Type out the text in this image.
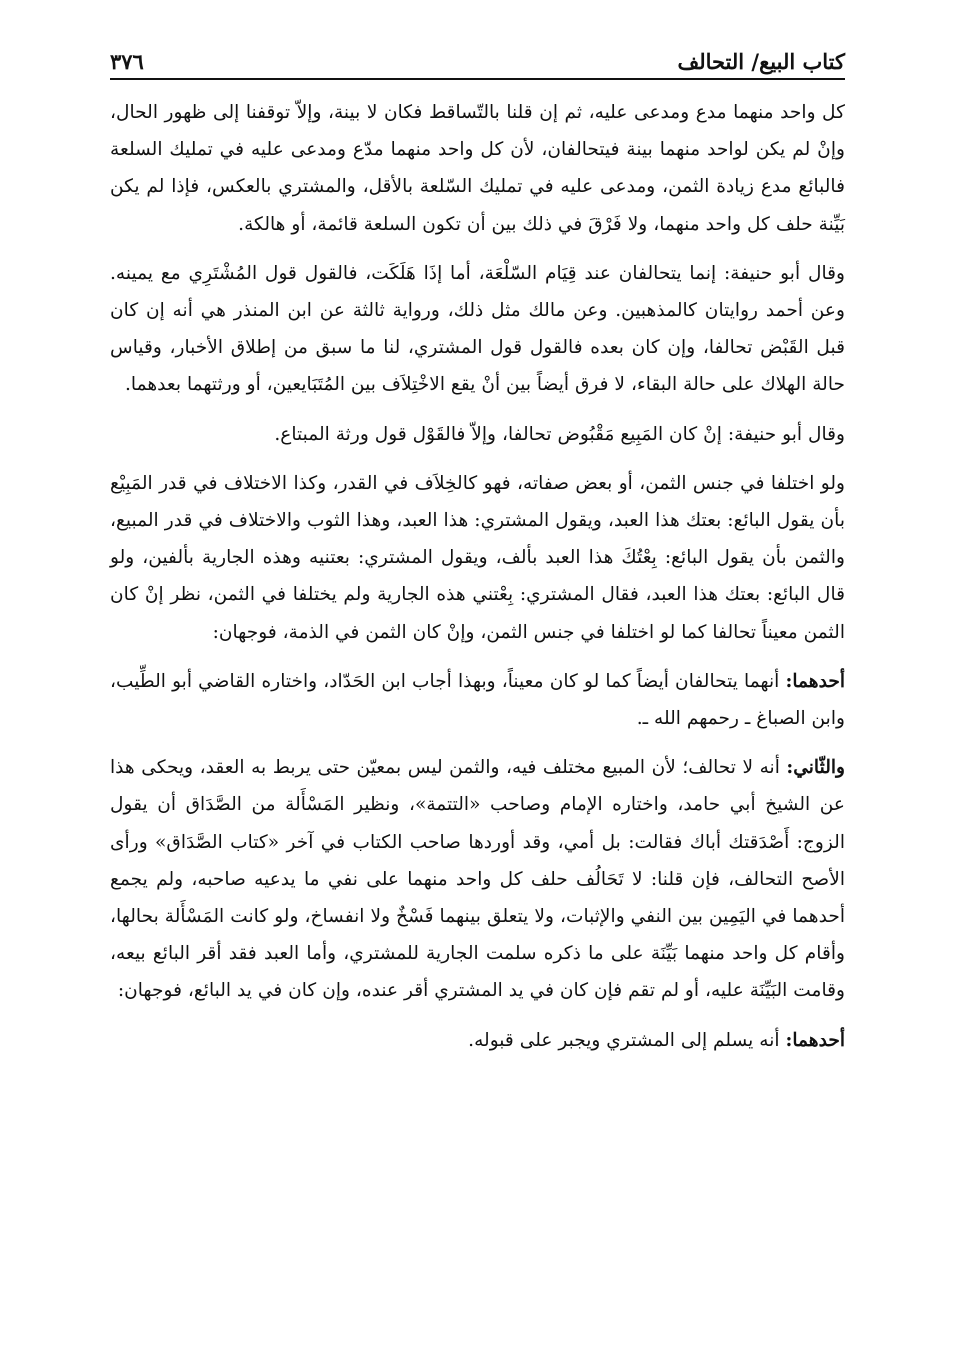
كتاب البيع/ التحالف
٣٧٦

كل واحد منهما مدع ومدعى عليه، ثم إن قلنا بالتّساقط فكان لا بينة، وإلاّ توقفنا إلى ظهور الحال، وإنْ لم يكن لواحد منهما بينة فيتحالفان، لأن كل واحد منهما مدّع ومدعى عليه في تمليك السلعة فالبائع مدع زيادة الثمن، ومدعى عليه في تمليك السّلعة بالأقل، والمشتري بالعكس، فإذا لم يكن بَيِّنة حلف كل واحد منهما، ولا فَرْقَ في ذلك بين أن تكون السلعة قائمة، أو هالكة.

وقال أبو حنيفة: إنما يتحالفان عند قِيَام السّلْعَة، أما إذَا هَلَكَت، فالقول قول المُشْتَرِي مع يمينه. وعن أحمد روايتان كالمذهبين. وعن مالك مثل ذلك، ورواية ثالثة عن ابن المنذر هي أنه إن كان قبل القَبْض تحالفا، وإن كان بعده فالقول قول المشتري، لنا ما سبق من إطلاق الأخبار، وقياس حالة الهلاك على حالة البقاء، لا فرق أيضاً بين أنْ يقع الاخْتِلاَف بين المُتَبَايعين، أو ورثتهما بعدهما.

وقال أبو حنيفة: إنْ كان المَبِيع مَقْبُوض تحالفا، وإلاّ فالقَوْل قول ورثة المبتاع.

ولو اختلفا في جنس الثمن، أو بعض صفاته، فهو كالخِلاَف في القدر، وكذا الاختلاف في قدر المَبِيْع بأن يقول البائع: بعتك هذا العبد، ويقول المشتري: هذا العبد، وهذا الثوب والاختلاف في قدر المبيع، والثمن بأن يقول البائع: بِعْتُكَ هذا العبد بألف، ويقول المشتري: بعتنيه وهذه الجارية بألفين، ولو قال البائع: بعتك هذا العبد، فقال المشتري: بِعْتني هذه الجارية ولم يختلفا في الثمن، نظر إنْ كان الثمن معيناً تحالفا كما لو اختلفا في جنس الثمن، وإنْ كان الثمن في الذمة، فوجهان:

أحدهما: أنهما يتحالفان أيضاً كما لو كان معيناً، وبهذا أجاب ابن الحَدّاد، واختاره القاضي أبو الطِّيب، وابن الصباغ ـ رحمهم الله ـ.

والثّاني: أنه لا تحالف؛ لأن المبيع مختلف فيه، والثمن ليس بمعيّن حتى يربط به العقد، ويحكى هذا عن الشيخ أبي حامد، واختاره الإمام وصاحب «التتمة»، ونظير المَسْأَلة من الصَّدَاق أن يقول الزوج: أَصْدَقتك أباك فقالت: بل أمي، وقد أوردها صاحب الكتاب في آخر «كتاب الصَّدَاق» ورأى الأصح التحالف، فإن قلنا: لا تَحَالُف حلف كل واحد منهما على نفي ما يدعيه صاحبه، ولم يجمع أحدهما في اليَمِين بين النفي والإثبات، ولا يتعلق بينهما فَسْخٌ ولا انفساخ، ولو كانت المَسْأَلة بحالها، وأقام كل واحد منهما بَيِّنَة على ما ذكره سلمت الجارية للمشتري، وأما العبد فقد أقر البائع بيعه، وقامت البَيِّنَة عليه، أو لم تقم فإن كان في يد المشتري أقر عنده، وإن كان في يد البائع، فوجهان:

أحدهما: أنه يسلم إلى المشتري ويجبر على قبوله.
